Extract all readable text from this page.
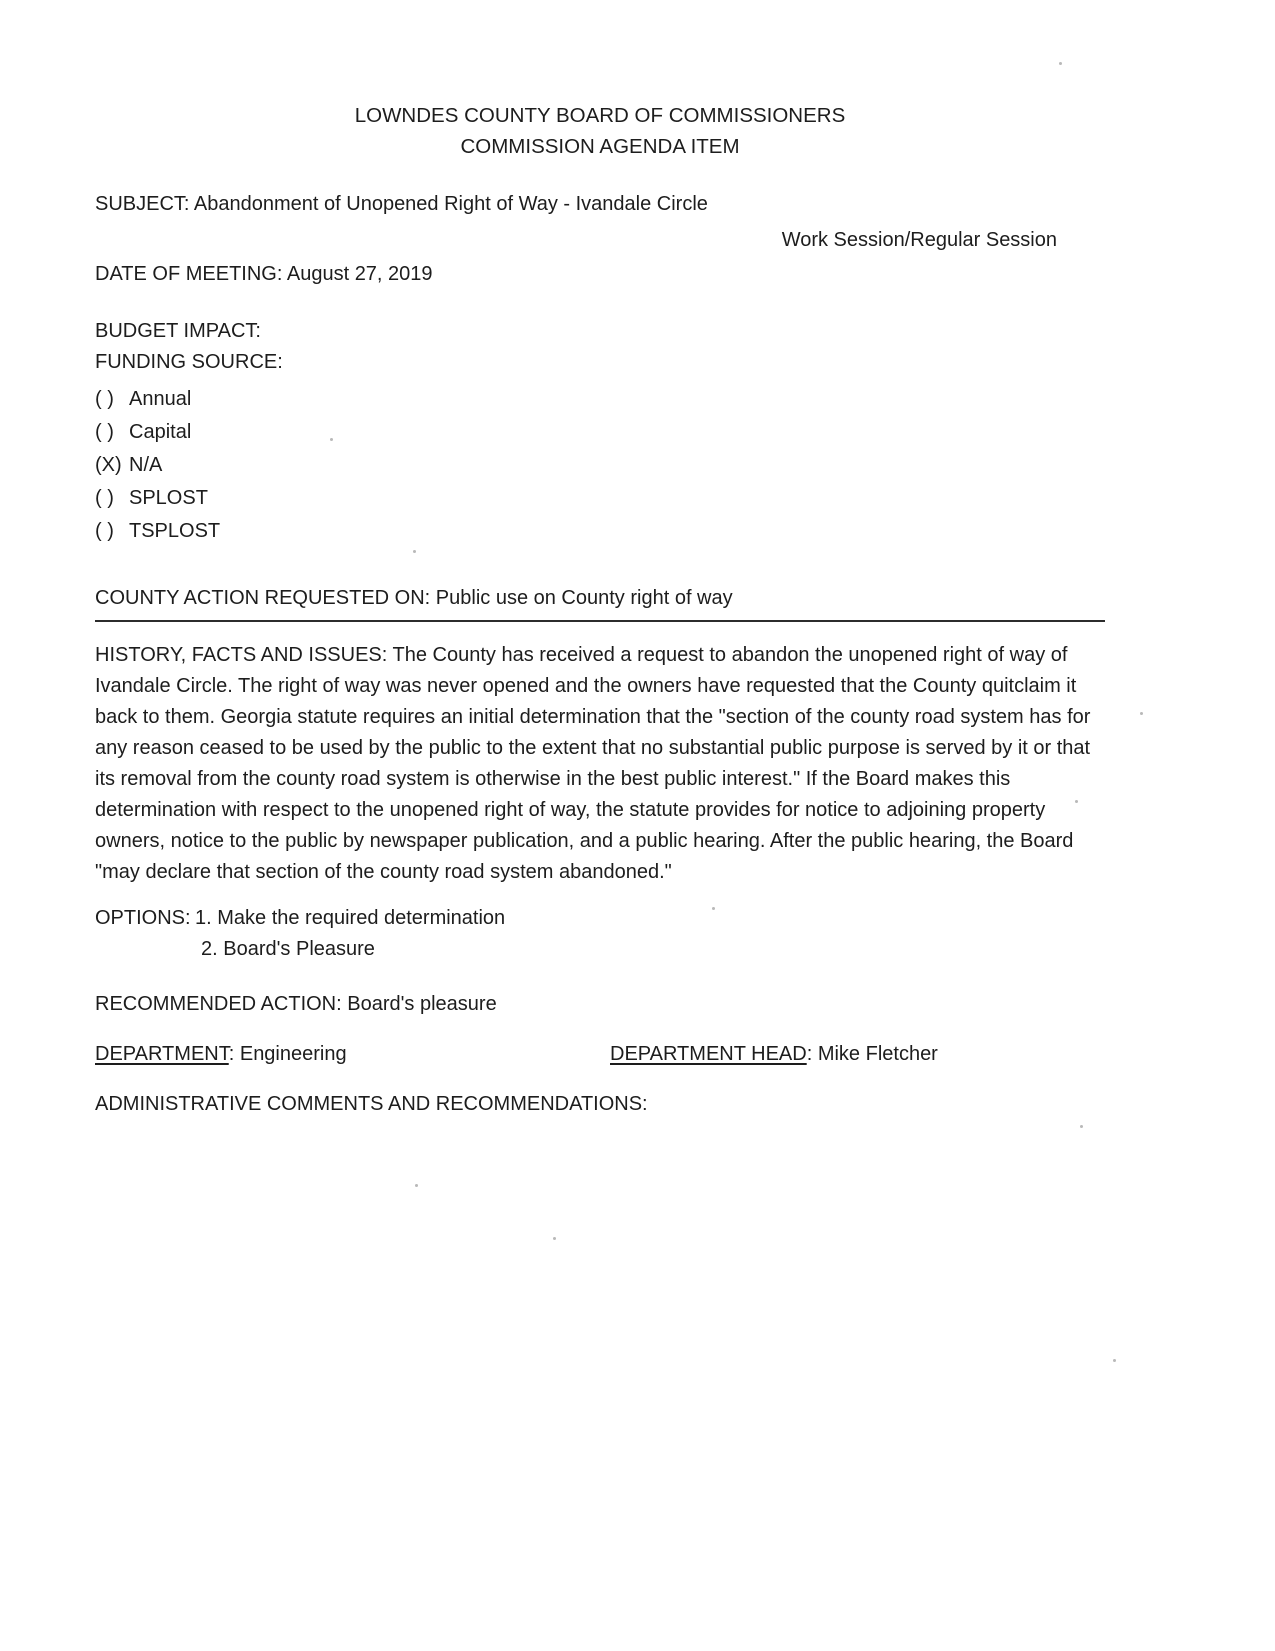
LOWNDES COUNTY BOARD OF COMMISSIONERS
COMMISSION AGENDA ITEM
SUBJECT: Abandonment of Unopened Right of Way - Ivandale Circle
Work Session/Regular Session
DATE OF MEETING: August 27, 2019
BUDGET IMPACT:
FUNDING SOURCE:
( ) Annual
( ) Capital
(X) N/A
( ) SPLOST
( ) TSPLOST
COUNTY ACTION REQUESTED ON: Public use on County right of way
HISTORY, FACTS AND ISSUES: The County has received a request to abandon the unopened right of way of Ivandale Circle. The right of way was never opened and the owners have requested that the County quitclaim it back to them. Georgia statute requires an initial determination that the "section of the county road system has for any reason ceased to be used by the public to the extent that no substantial public purpose is served by it or that its removal from the county road system is otherwise in the best public interest." If the Board makes this determination with respect to the unopened right of way, the statute provides for notice to adjoining property owners, notice to the public by newspaper publication, and a public hearing. After the public hearing, the Board "may declare that section of the county road system abandoned."
OPTIONS: 1. Make the required determination
2. Board's Pleasure
RECOMMENDED ACTION: Board's pleasure
DEPARTMENT: Engineering	DEPARTMENT HEAD: Mike Fletcher
ADMINISTRATIVE COMMENTS AND RECOMMENDATIONS:
